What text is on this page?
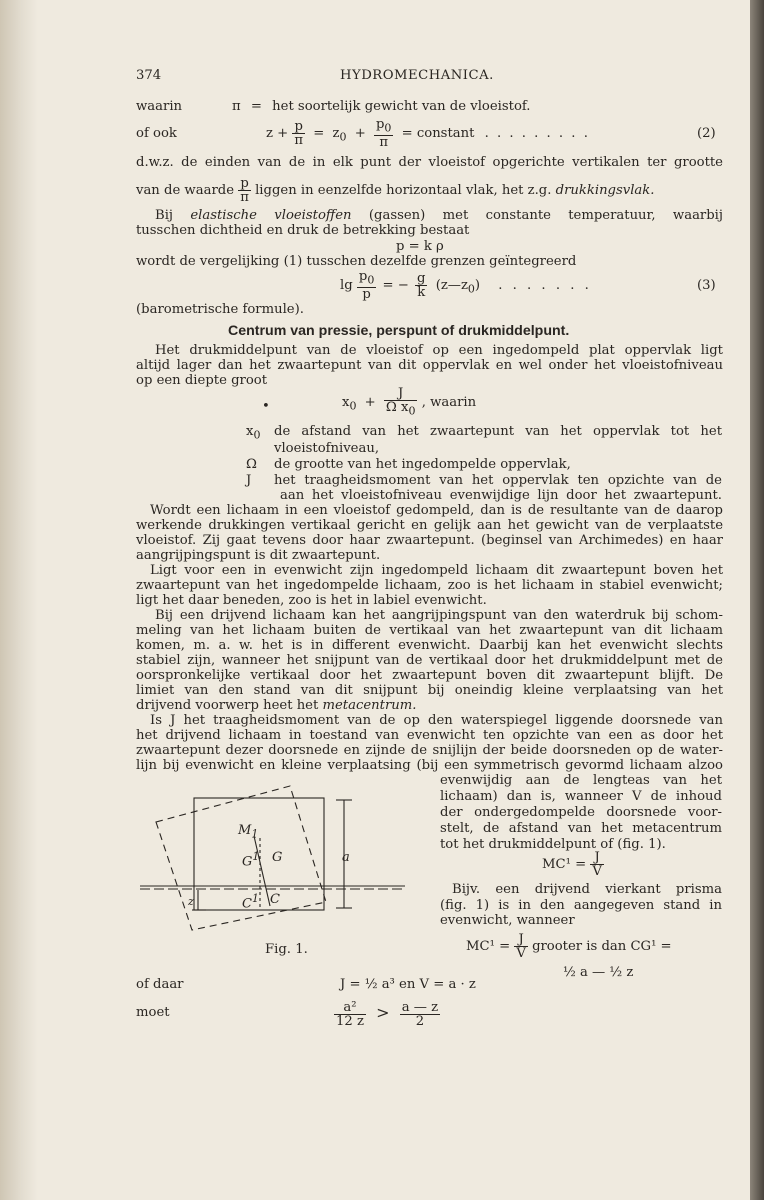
374	HYDROMECHANICA.
waarin	π = het soortelijk gewicht van de vloeistof.
of ook	$z + \frac{p}{\pi} = z_0 + \frac{p_0}{\pi}$ = constant . . . . . . . . .	(2)
d.w.z. de einden van de in elk punt der vloeistof opgerichte vertikalen ter grootte
van de waarde $\frac{p}{\pi}$ liggen in eenzelfde horizontaal vlak, het z.g. drukkingsvlak.
Bij elastische vloeistoffen (gassen) met constante temperatuur, waarbij
tusschen dichtheid en druk de betrekking bestaat
p = k ρ
wordt de vergelijking (1) tusschen dezelfde grenzen geïntegreerd
$\lg \frac{p_0}{p}$ = − $\frac{g}{k}$ $(z—z_0)$ . . . . . . .	(3)
(barometrische formule).
Centrum van pressie, perspunt of drukmiddelpunt.
Het drukmiddelpunt van de vloeistof op een ingedompeld plat oppervlak ligt
altijd lager dan het zwaartepunt van dit oppervlak en wel onder het vloeistofniveau
op een diepte groot
•	$x_0 + \frac{J}{\Omega x_0}$ , waarin
$x_0$ de afstand van het zwaartepunt van het oppervlak tot het
vloeistofniveau,
Ω de grootte van het ingedompelde oppervlak,
J het traagheidsmoment van het oppervlak ten opzichte van de
aan het vloeistofniveau evenwijdige lijn door het zwaartepunt.
Wordt een lichaam in een vloeistof gedompeld, dan is de resultante van de daarop
werkende drukkingen vertikaal gericht en gelijk aan het gewicht van de verplaatste
vloeistof. Zij gaat tevens door haar zwaartepunt. (beginsel van Archimedes) en haar
aangrijpingspunt is dit zwaartepunt.
Ligt voor een in evenwicht zijn ingedompeld lichaam dit zwaartepunt boven het
zwaartepunt van het ingedompelde lichaam, zoo is het lichaam in stabiel evenwicht;
ligt het daar beneden, zoo is het in labiel evenwicht.
Bij een drijvend lichaam kan het aangrijpingspunt van den waterdruk bij schom-
meling van het lichaam buiten de vertikaal van het zwaartepunt van dit lichaam
komen, m. a. w. het is in different evenwicht. Daarbij kan het evenwicht slechts
stabiel zijn, wanneer het snijpunt van de vertikaal door het drukmiddelpunt met de
oorspronkelijke vertikaal door het zwaartepunt boven dit zwaartepunt blijft. De
limiet van den stand van dit snijpunt bij oneindig kleine verplaatsing van het
drijvend voorwerp heet het metacentrum.
Is J het traagheidsmoment van de op den waterspiegel liggende doorsnede van
het drijvend lichaam in toestand van evenwicht ten opzichte van een as door het
zwaartepunt dezer doorsnede en zijnde de snijlijn der beide doorsneden op de water-
lijn bij evenwicht en kleine verplaatsing (bij een symmetrisch gevormd lichaam alzoo
evenwijdig aan de lengteas van het
lichaam) dan is, wanneer V de inhoud
der ondergedompelde doorsnede voor-
stelt, de afstand van het metacentrum
tot het drukmiddelpunt of (fig. 1).
$MC^1 = \frac{J}{V}$
Bijv. een drijvend vierkant prisma
(fig. 1) is in den aangegeven stand in
evenwicht, wanneer
$MC^1 = \frac{J}{V}$ grooter is dan CG¹ =
½ a — ½ z
$M_1$
$G^1$ G
$C^1$ C
a
z
Fig. 1.
of daar	J = ½ a³ en V = a · z
moet	$\frac{\text{a²}}{12 z} > \frac{a — z}{2}$
